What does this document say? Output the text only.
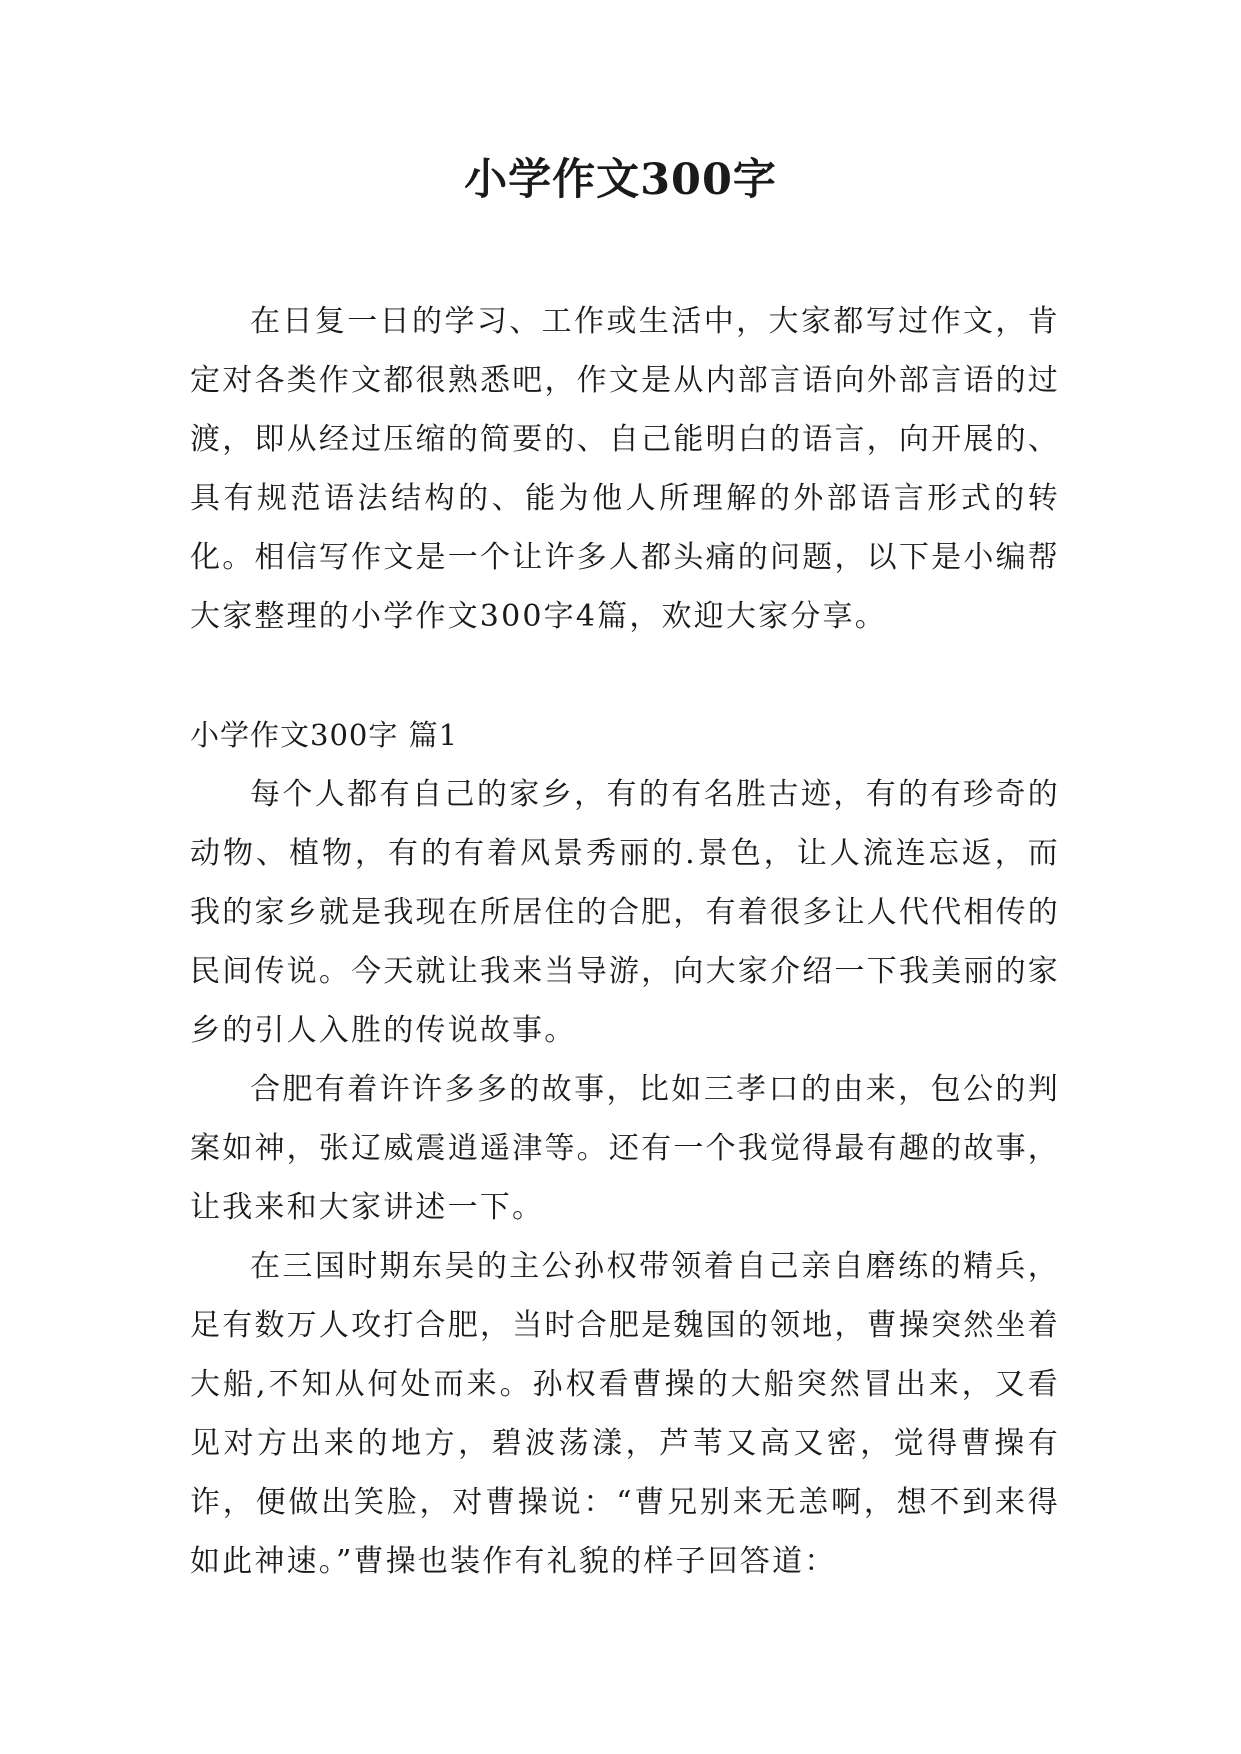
小学作文300字

在日复一日的学习、工作或生活中，大家都写过作文，肯定对各类作文都很熟悉吧，作文是从内部言语向外部言语的过渡，即从经过压缩的简要的、自己能明白的语言，向开展的、具有规范语法结构的、能为他人所理解的外部语言形式的转化。相信写作文是一个让许多人都头痛的问题，以下是小编帮大家整理的小学作文300字4篇，欢迎大家分享。

小学作文300字 篇1

每个人都有自己的家乡，有的有名胜古迹，有的有珍奇的动物、植物，有的有着风景秀丽的.景色，让人流连忘返，而我的家乡就是我现在所居住的合肥，有着很多让人代代相传的民间传说。今天就让我来当导游，向大家介绍一下我美丽的家乡的引人入胜的传说故事。

合肥有着许许多多的故事，比如三孝口的由来，包公的判案如神，张辽威震逍遥津等。还有一个我觉得最有趣的故事，让我来和大家讲述一下。

在三国时期东吴的主公孙权带领着自己亲自磨练的精兵，足有数万人攻打合肥，当时合肥是魏国的领地，曹操突然坐着大船,不知从何处而来。孙权看曹操的大船突然冒出来，又看见对方出来的地方，碧波荡漾，芦苇又高又密，觉得曹操有诈，便做出笑脸，对曹操说：“曹兄别来无恙啊，想不到来得如此神速。”曹操也装作有礼貌的样子回答道：
